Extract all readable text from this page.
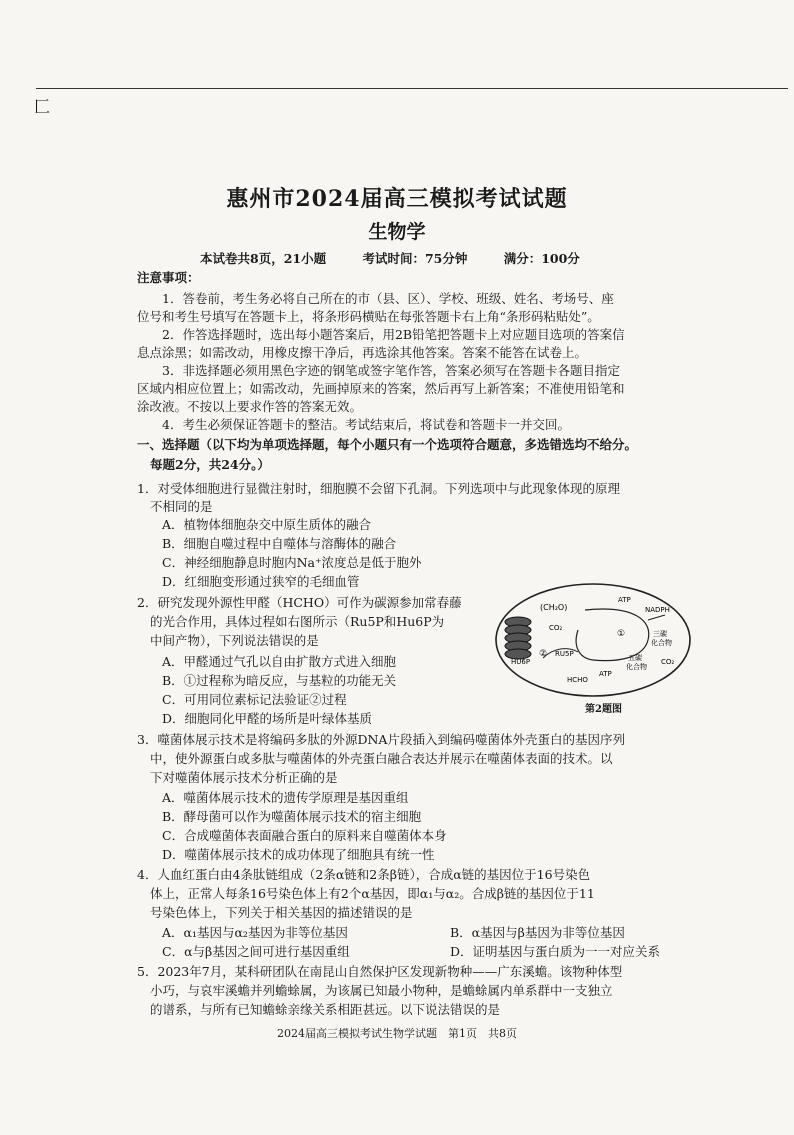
匚
惠州市2024届高三模拟考试试题
生物学
本试卷共8页，21小题	考试时间：75分钟	满分：100分
注意事项：
1．答卷前，考生务必将自己所在的市（县、区）、学校、班级、姓名、考场号、座
位号和考生号填写在答题卡上，将条形码横贴在每张答题卡右上角“条形码粘贴处”。
2．作答选择题时，选出每小题答案后，用2B铅笔把答题卡上对应题目选项的答案信
息点涂黑；如需改动，用橡皮擦干净后，再选涂其他答案。答案不能答在试卷上。
3．非选择题必须用黑色字迹的钢笔或签字笔作答，答案必须写在答题卡各题目指定
区域内相应位置上；如需改动，先画掉原来的答案，然后再写上新答案；不准使用铅笔和
涂改液。不按以上要求作答的答案无效。
4．考生必须保证答题卡的整洁。考试结束后，将试卷和答题卡一并交回。
一、选择题（以下均为单项选择题，每个小题只有一个选项符合题意，多选错选均不给分。
每题2分，共24分。）
1．对受体细胞进行显微注射时，细胞膜不会留下孔洞。下列选项中与此现象体现的原理
不相同的是
A．植物体细胞杂交中原生质体的融合
B．细胞自噬过程中自噬体与溶酶体的融合
C．神经细胞静息时胞内Na⁺浓度总是低于胞外
D．红细胞变形通过狭窄的毛细血管
2．研究发现外源性甲醛（HCHO）可作为碳源参加常春藤
的光合作用，具体过程如右图所示（Ru5P和Hu6P为
中间产物），下列说法错误的是
A．甲醛通过气孔以自由扩散方式进入细胞
B．①过程称为暗反应，与基粒的功能无关
C．可用同位素标记法验证②过程
D．细胞同化甲醛的场所是叶绿体基质
(CH₂O)
ATP
NADPH
CO₂
①	三碳
化合物
HU6P
② RU5P	五碳
化合物
CO₂
ATP
HCHO
第2题图
3．噬菌体展示技术是将编码多肽的外源DNA片段插入到编码噬菌体外壳蛋白的基因序列
中，使外源蛋白或多肽与噬菌体的外壳蛋白融合表达并展示在噬菌体表面的技术。以
下对噬菌体展示技术分析正确的是
A．噬菌体展示技术的遗传学原理是基因重组
B．酵母菌可以作为噬菌体展示技术的宿主细胞
C．合成噬菌体表面融合蛋白的原料来自噬菌体本身
D．噬菌体展示技术的成功体现了细胞具有统一性
4．人血红蛋白由4条肽链组成（2条α链和2条β链），合成α链的基因位于16号染色
体上，正常人每条16号染色体上有2个α基因，即α₁与α₂。合成β链的基因位于11
号染色体上，下列关于相关基因的描述错误的是
A．α₁基因与α₂基因为非等位基因	B．α基因与β基因为非等位基因
C．α与β基因之间可进行基因重组	D．证明基因与蛋白质为一一对应关系
5．2023年7月，某科研团队在南昆山自然保护区发现新物种——广东溪蟾。该物种体型
小巧，与哀牢溪蟾并列蟾蜍属，为该属已知最小物种，是蟾蜍属内单系群中一支独立
的谱系，与所有已知蟾蜍亲缘关系相距甚远。以下说法错误的是
2024届高三模拟考试生物学试题　第1页　共8页
